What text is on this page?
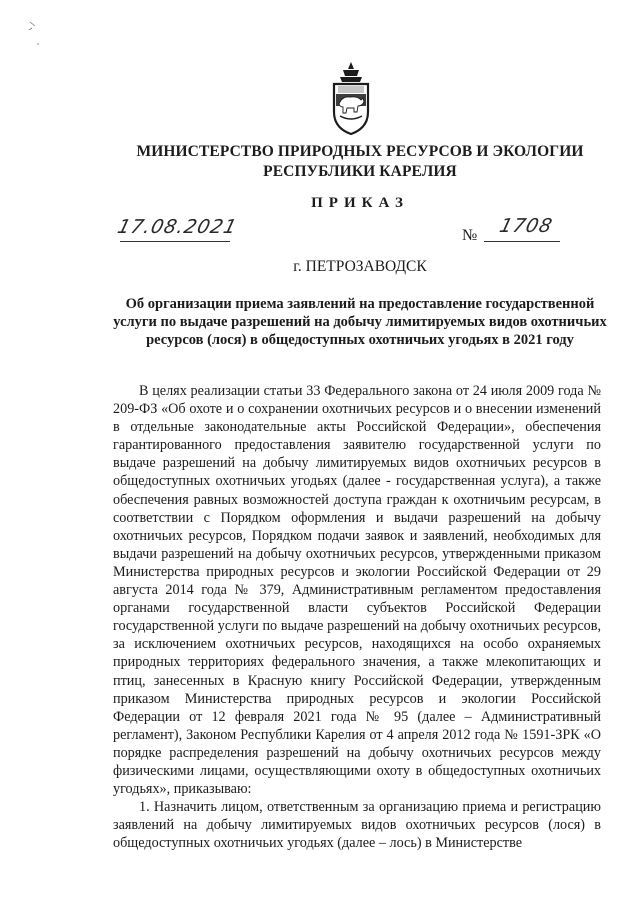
МИНИСТЕРСТВО ПРИРОДНЫХ РЕСУРСОВ И ЭКОЛОГИИ
РЕСПУБЛИКИ КАРЕЛИЯ
ПРИКАЗ
17.08.2021	№ 1708
г. ПЕТРОЗАВОДСК
Об организации приема заявлений на предоставление государственной услуги по выдаче разрешений на добычу лимитируемых видов охотничьих ресурсов (лося) в общедоступных охотничьих угодьях в 2021 году

В целях реализации статьи 33 Федерального закона от 24 июля 2009 года № 209-ФЗ «Об охоте и о сохранении охотничьих ресурсов и о внесении изменений в отдельные законодательные акты Российской Федерации», обеспечения гарантированного предоставления заявителю государственной услуги по выдаче разрешений на добычу лимитируемых видов охотничьих ресурсов в общедоступных охотничьих угодьях (далее - государственная услуга), а также обеспечения равных возможностей доступа граждан к охотничьим ресурсам, в соответствии с Порядком оформления и выдачи разрешений на добычу охотничьих ресурсов, Порядком подачи заявок и заявлений, необходимых для выдачи разрешений на добычу охотничьих ресурсов, утвержденными приказом Министерства природных ресурсов и экологии Российской Федерации от 29 августа 2014 года № 379, Административным регламентом предоставления органами государственной власти субъектов Российской Федерации государственной услуги по выдаче разрешений на добычу охотничьих ресурсов, за исключением охотничьих ресурсов, находящихся на особо охраняемых природных территориях федерального значения, а также млекопитающих и птиц, занесенных в Красную книгу Российской Федерации, утвержденным приказом Министерства природных ресурсов и экологии Российской Федерации от 12 февраля 2021 года № 95 (далее – Административный регламент), Законом Республики Карелия от 4 апреля 2012 года № 1591-ЗРК «О порядке распределения разрешений на добычу охотничьих ресурсов между физическими лицами, осуществляющими охоту в общедоступных охотничьих угодьях», приказываю:

1. Назначить лицом, ответственным за организацию приема и регистрацию заявлений на добычу лимитируемых видов охотничьих ресурсов (лося) в общедоступных охотничьих угодьях (далее – лось) в Министерстве
